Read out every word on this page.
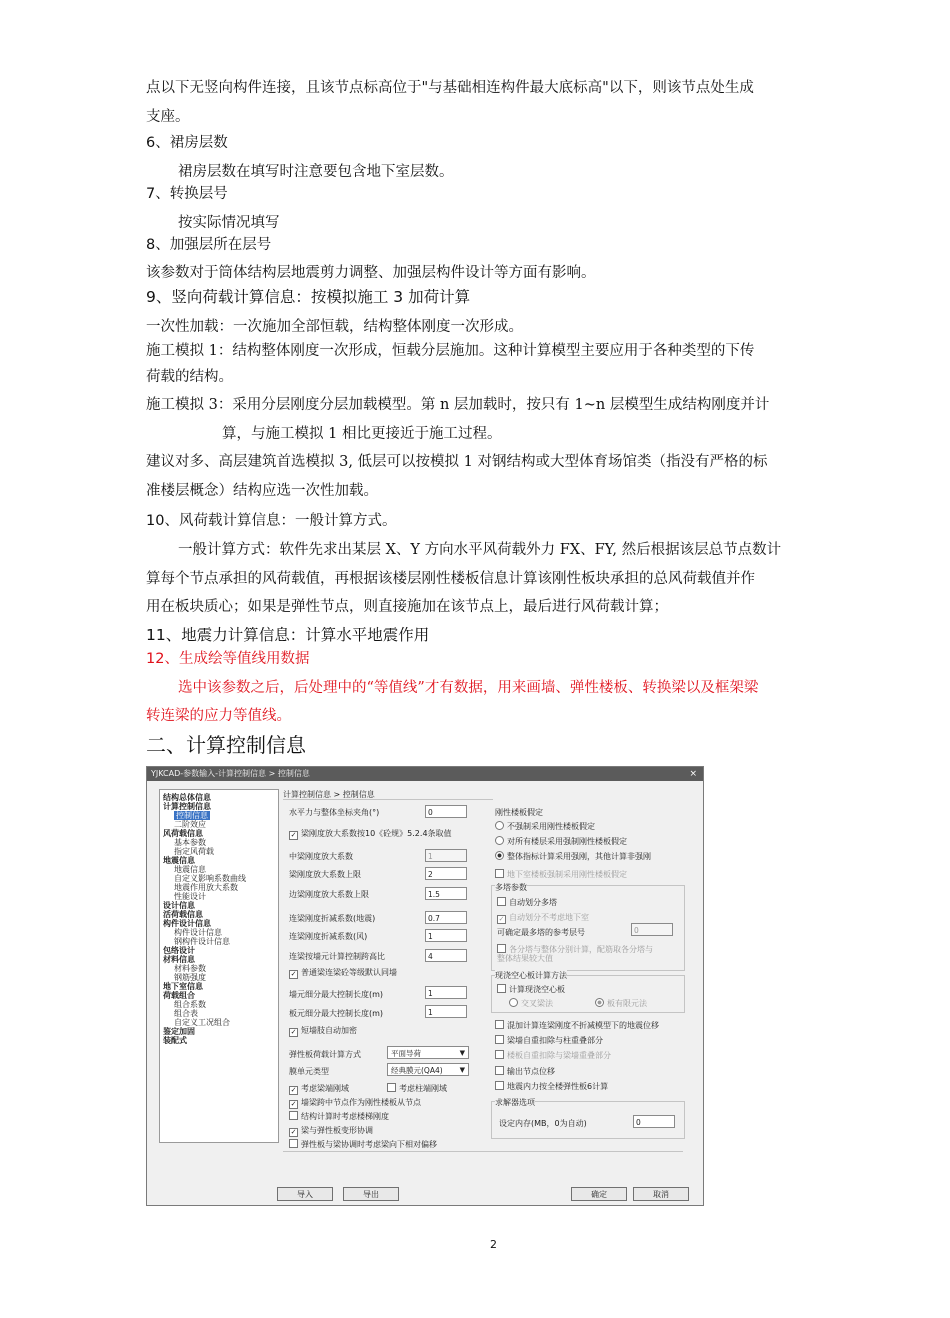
点以下无竖向构件连接，且该节点标高位于"与基础相连构件最大底标高"以下，则该节点处生成
支座。
6、裙房层数
裙房层数在填写时注意要包含地下室层数。
7、转换层号
按实际情况填写
8、加强层所在层号
该参数对于筒体结构层地震剪力调整、加强层构件设计等方面有影响。
9、竖向荷载计算信息：按模拟施工 3 加荷计算
一次性加载：一次施加全部恒载，结构整体刚度一次形成。
施工模拟 1：结构整体刚度一次形成，恒载分层施加。这种计算模型主要应用于各种类型的下传
荷载的结构。
施工模拟 3：采用分层刚度分层加载模型。第 n 层加载时，按只有 1~n 层模型生成结构刚度并计
算，与施工模拟 1 相比更接近于施工过程。
建议对多、高层建筑首选模拟 3, 低层可以按模拟 1 对钢结构或大型体育场馆类（指没有严格的标
准楼层概念）结构应选一次性加载。
10、风荷载计算信息：一般计算方式。
一般计算方式：软件先求出某层 X、Y 方向水平风荷载外力 FX、FY, 然后根据该层总节点数计
算每个节点承担的风荷载值，再根据该楼层刚性楼板信息计算该刚性板块承担的总风荷载值并作
用在板块质心；如果是弹性节点，则直接施加在该节点上，最后进行风荷载计算；
11、地震力计算信息：计算水平地震作用
12、生成绘等值线用数据
选中该参数之后，后处理中的“等值线”才有数据，用来画墙、弹性楼板、转换梁以及框架梁
转连梁的应力等值线。
二、计算控制信息
YJKCAD-参数输入-计算控制信息 > 控制信息	×
结构总体信息
计算控制信息
控制信息
二阶效应
风荷载信息
基本参数
指定风荷载
地震信息
地震信息
自定义影响系数曲线
地震作用放大系数
性能设计
设计信息
活荷载信息
构件设计信息
构件设计信息
钢构件设计信息
包络设计
材料信息
材料参数
钢筋强度
地下室信息
荷载组合
组合系数
组合表
自定义工况组合
鉴定加固
装配式
计算控制信息 > 控制信息
水平力与整体坐标夹角(°)	0
✓ 梁刚度放大系数按10《砼规》5.2.4条取值
中梁刚度放大系数	1
梁刚度放大系数上限	2
边梁刚度放大系数上限	1.5
连梁刚度折减系数(地震)	0.7
连梁刚度折减系数(风)	1
连梁按墙元计算控制跨高比	4
✓ 普通梁连梁砼等级默认同墙
墙元细分最大控制长度(m)	1
板元细分最大控制长度(m)	1
✓ 短墙肢自动加密
弹性板荷载计算方式	平面导荷	▼
膜单元类型	经典膜元(QA4) ▼
✓ 考虑梁端刚域	考虑柱端刚域
✓ 墙梁跨中节点作为刚性楼板从节点
结构计算时考虑楼梯刚度
✓ 梁与弹性板变形协调
弹性板与梁协调时考虑梁向下相对偏移
刚性楼板假定
不强制采用刚性楼板假定
对所有楼层采用强制刚性楼板假定
整体指标计算采用强刚，其他计算非强刚
地下室楼板强制采用刚性楼板假定
多塔参数
自动划分多塔
✓ 自动划分不考虑地下室
可确定最多塔的参考层号	0
各分塔与整体分别计算，配筋取各分塔与整体结果较大值
现浇空心板计算方法
计算现浇空心板
交叉梁法	板有限元法
混加计算连梁刚度不折减模型下的地震位移
梁墙自重扣除与柱重叠部分
楼板自重扣除与梁墙重叠部分
输出节点位移
地震内力按全楼弹性板6计算
求解器选项
设定内存(MB，0为自动)	0
导入	导出	确定	取消
2
